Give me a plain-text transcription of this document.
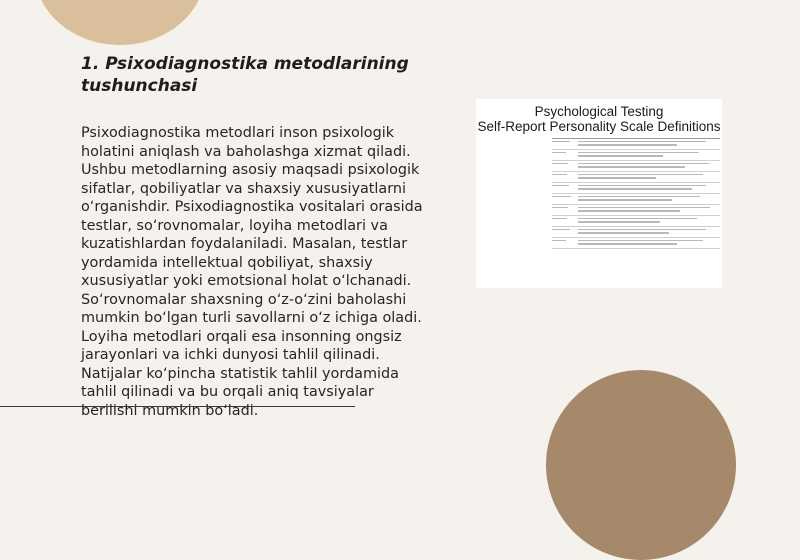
1. Psixodiagnostika metodlarining tushunchasi
Psixodiagnostika metodlari inson psixologik holatini aniqlash va baholashga xizmat qiladi. Ushbu metodlarning asosiy maqsadi psixologik sifatlar, qobiliyatlar va shaxsiy xususiyatlarni o‘rganishdir. Psixodiagnostika vositalari orasida testlar, so‘rovnomalar, loyiha metodlari va kuzatishlardan foydalaniladi. Masalan, testlar yordamida intellektual qobiliyat, shaxsiy xususiyatlar yoki emotsional holat o‘lchanadi. So‘rovnomalar shaxsning o‘z-o‘zini baholashi mumkin bo‘lgan turli savollarni o‘z ichiga oladi. Loyiha metodlari orqali esa insonning ongsiz jarayonlari va ichki dunyosi tahlil qilinadi. Natijalar ko‘pincha statistik tahlil yordamida tahlil qilinadi va bu orqali aniq tavsiyalar berilishi mumkin bo‘ladi.
Psychological Testing
Self-Report Personality Scale Definitions
